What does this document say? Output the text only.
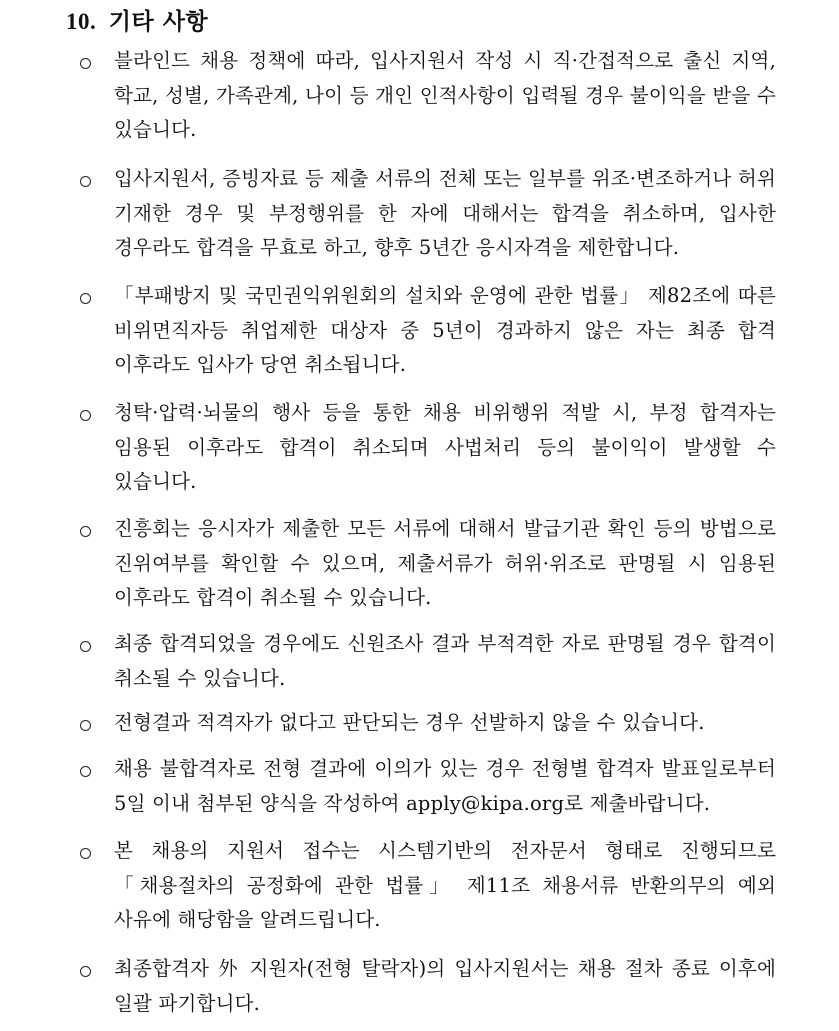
10. 기타 사항
블라인드 채용 정책에 따라, 입사지원서 작성 시 직·간접적으로 출신 지역, 학교, 성별, 가족관계, 나이 등 개인 인적사항이 입력될 경우 불이익을 받을 수 있습니다.
입사지원서, 증빙자료 등 제출 서류의 전체 또는 일부를 위조·변조하거나 허위 기재한 경우 및 부정행위를 한 자에 대해서는 합격을 취소하며, 입사한 경우라도 합격을 무효로 하고, 향후 5년간 응시자격을 제한합니다.
「부패방지 및 국민권익위원회의 설치와 운영에 관한 법률」 제82조에 따른 비위면직자등 취업제한 대상자 중 5년이 경과하지 않은 자는 최종 합격 이후라도 입사가 당연 취소됩니다.
청탁·압력·뇌물의 행사 등을 통한 채용 비위행위 적발 시, 부정 합격자는 임용된 이후라도 합격이 취소되며 사법처리 등의 불이익이 발생할 수 있습니다.
진흥회는 응시자가 제출한 모든 서류에 대해서 발급기관 확인 등의 방법으로 진위여부를 확인할 수 있으며, 제출서류가 허위·위조로 판명될 시 임용된 이후라도 합격이 취소될 수 있습니다.
최종 합격되었을 경우에도 신원조사 결과 부적격한 자로 판명될 경우 합격이 취소될 수 있습니다.
전형결과 적격자가 없다고 판단되는 경우 선발하지 않을 수 있습니다.
채용 불합격자로 전형 결과에 이의가 있는 경우 전형별 합격자 발표일로부터 5일 이내 첨부된 양식을 작성하여 apply@kipa.org로 제출바랍니다.
본 채용의 지원서 접수는 시스템기반의 전자문서 형태로 진행되므로 「채용절차의 공정화에 관한 법률」 제11조 채용서류 반환의무의 예외 사유에 해당함을 알려드립니다.
최종합격자 外 지원자(전형 탈락자)의 입사지원서는 채용 절차 종료 이후에 일괄 파기합니다.
